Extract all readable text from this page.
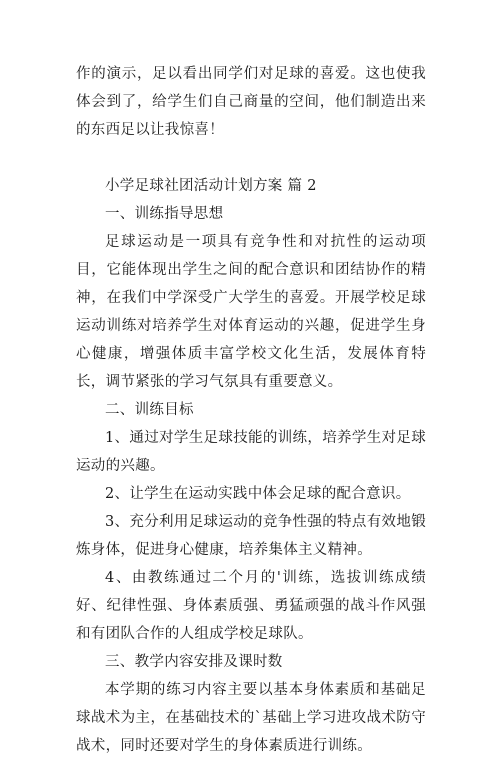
作的演示，足以看出同学们对足球的喜爱。这也使我体会到了，给学生们自己商量的空间，他们制造出来的东西足以让我惊喜！

小学足球社团活动计划方案 篇 2

一、训练指导思想

足球运动是一项具有竞争性和对抗性的运动项目，它能体现出学生之间的配合意识和团结协作的精神，在我们中学深受广大学生的喜爱。开展学校足球运动训练对培养学生对体育运动的兴趣，促进学生身心健康，增强体质丰富学校文化生活，发展体育特长，调节紧张的学习气氛具有重要意义。

二、训练目标

1、通过对学生足球技能的训练，培养学生对足球运动的兴趣。

2、让学生在运动实践中体会足球的配合意识。

3、充分利用足球运动的竞争性强的特点有效地锻炼身体，促进身心健康，培养集体主义精神。

4、由教练通过二个月的'训练，选拔训练成绩好、纪律性强、身体素质强、勇猛顽强的战斗作风强和有团队合作的人组成学校足球队。

三、教学内容安排及课时数

本学期的练习内容主要以基本身体素质和基础足球战术为主，在基础技术的`基础上学习进攻战术防守战术，同时还要对学生的身体素质进行训练。
